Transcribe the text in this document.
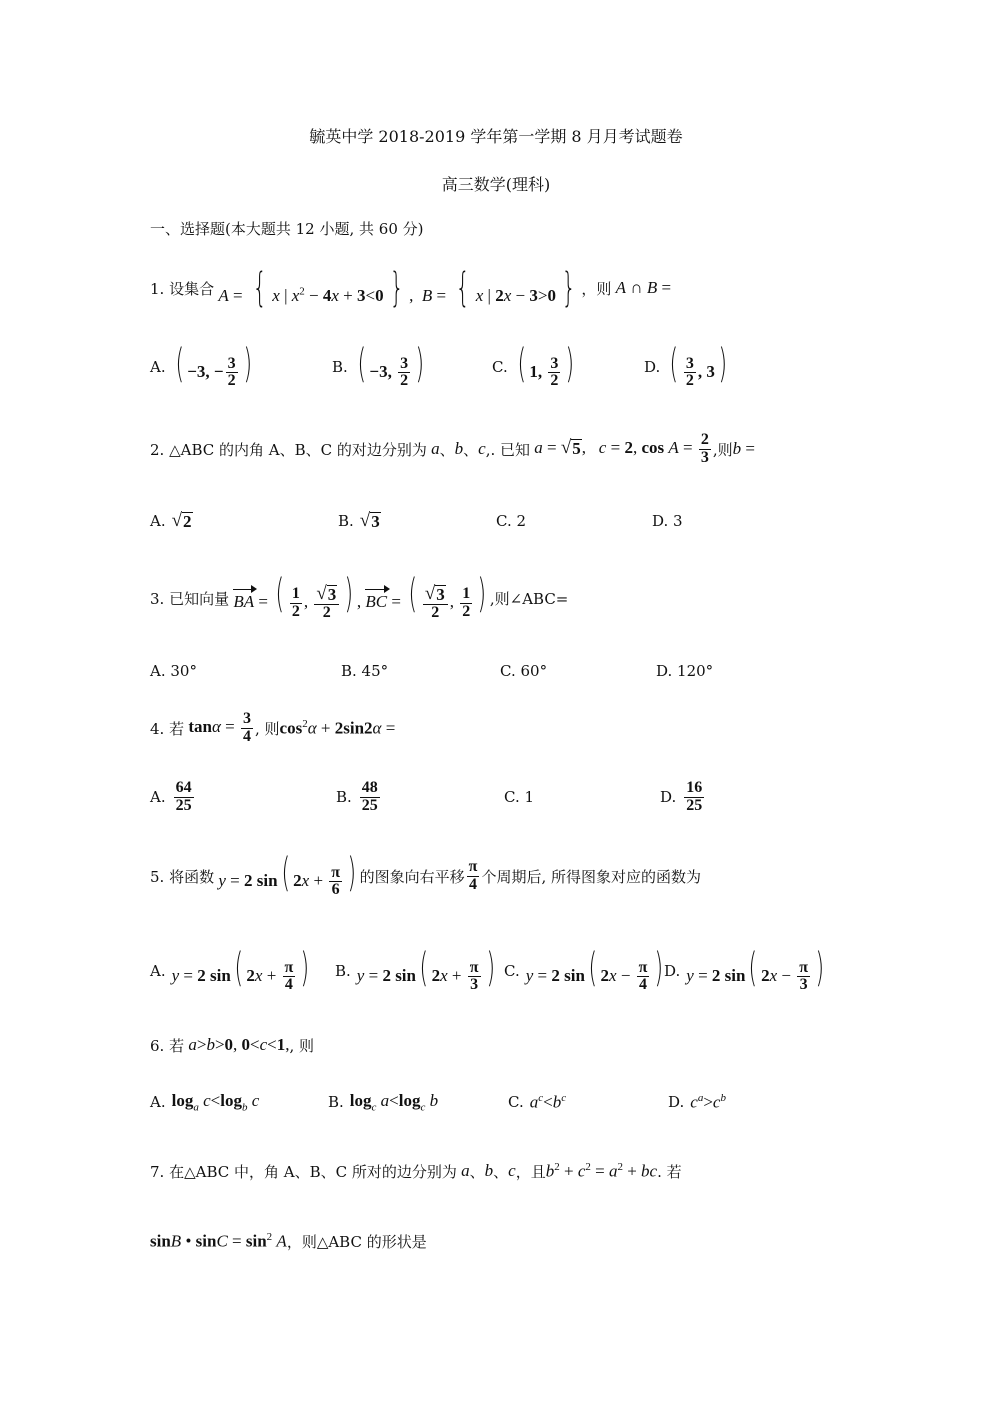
毓英中学 2018-2019 学年第一学期 8 月月考试题卷
高三数学(理科)
一、选择题(本大题共 12 小题, 共 60 分)
1. 设集合 A = { x | $x^2 - 4x + 3<0$ } ,  B = { x | 2x − 3>0 } ，则 A ∩ B =
A. ( −3, − $\frac{3}{2}$ )	B. ( −3, $\frac{3}{2}$ )	C. ( 1, $\frac{3}{2}$ )	D. ( $\frac{3}{2}$ , 3)
2. △ABC 的内角 A、B、C 的对边分别为 a 、 b 、 c ,. 已知 a = √ 5 ,   c = 2, $\cos A = \frac{2}{3}$ ,则 b =
A. √ 2	B. √ 3	C. 2	D. 3
3. 已知向量 BA = ( $\frac{1}{2}$ , $\frac{√ 3}{2}$ ) , BC = ( $\frac{√ 3}{2}$ , $\frac{1}{2}$ ) ,则∠ABC=
A. 30°	B. 45°	C. 60°	D. 120°
4. 若 $\tan\alpha = \frac{3}{4}$ , 则 $\cos^2\alpha + 2\sin 2\alpha$ =
A. $\frac{64}{25}$	B. $\frac{48}{25}$	C. 1	D. $\frac{16}{25}$
5. 将函数 y = 2 sin( $2x + \frac{\pi}{6}$ ) 的图象向右平移 $\frac{\pi}{4}$ 个周期后, 所得图象对应的函数为
A. y = 2 sin( $2x + \frac{\pi}{4}$ ) B. y = 2 sin( $2x + \frac{\pi}{3}$ ) C. y = 2 sin( $2x - \frac{\pi}{4}$ ) D. y = 2 sin( $2x - \frac{\pi}{3}$ )
6. 若 a>b>0, 0<c<1, , 则
A. $\log_a c<\log_b$ c	B. $\log_c a<\log_c$ b	C. $a^c<b^c$	D. $c^a>c^b$
7. 在△ABC 中，角 A、B、C 所对的边分别为 a 、 b 、 c ，且 $b^2 + c^2 = a^2$ + bc . 若
sinB • $\sin C = \sin^2 A$ ，则△ABC 的形状是
